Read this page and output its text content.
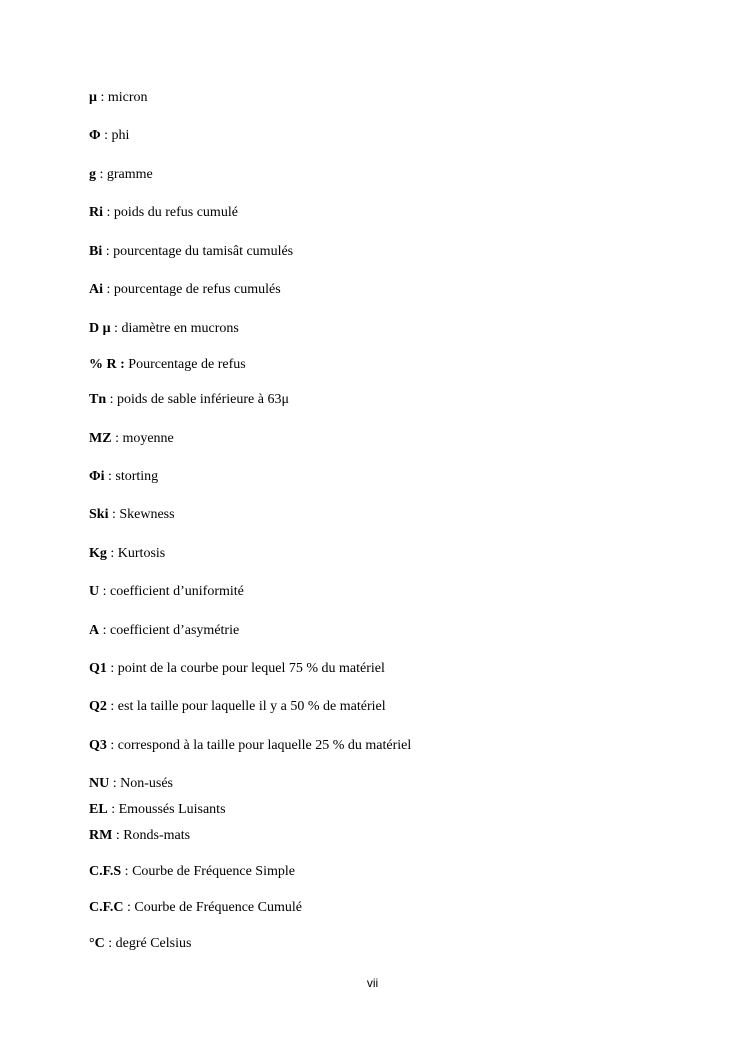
μ : micron
Φ : phi
g : gramme
Ri : poids du refus cumulé
Bi : pourcentage du tamisât cumulés
Ai : pourcentage de refus cumulés
D μ : diamètre en mucrons
% R : Pourcentage de refus
Tn : poids de sable inférieure à 63μ
MZ : moyenne
Φi : storting
Ski : Skewness
Kg : Kurtosis
U : coefficient d’uniformité
A : coefficient d’asymétrie
Q1 : point de la courbe pour lequel 75 % du matériel
Q2 : est la taille pour laquelle il y a 50 % de matériel
Q3 : correspond à la taille pour laquelle 25 % du matériel
NU : Non-usés
EL : Emoussés Luisants
RM : Ronds-mats
C.F.S : Courbe de Fréquence Simple
C.F.C : Courbe de Fréquence Cumulé
°C : degré Celsius
vii
